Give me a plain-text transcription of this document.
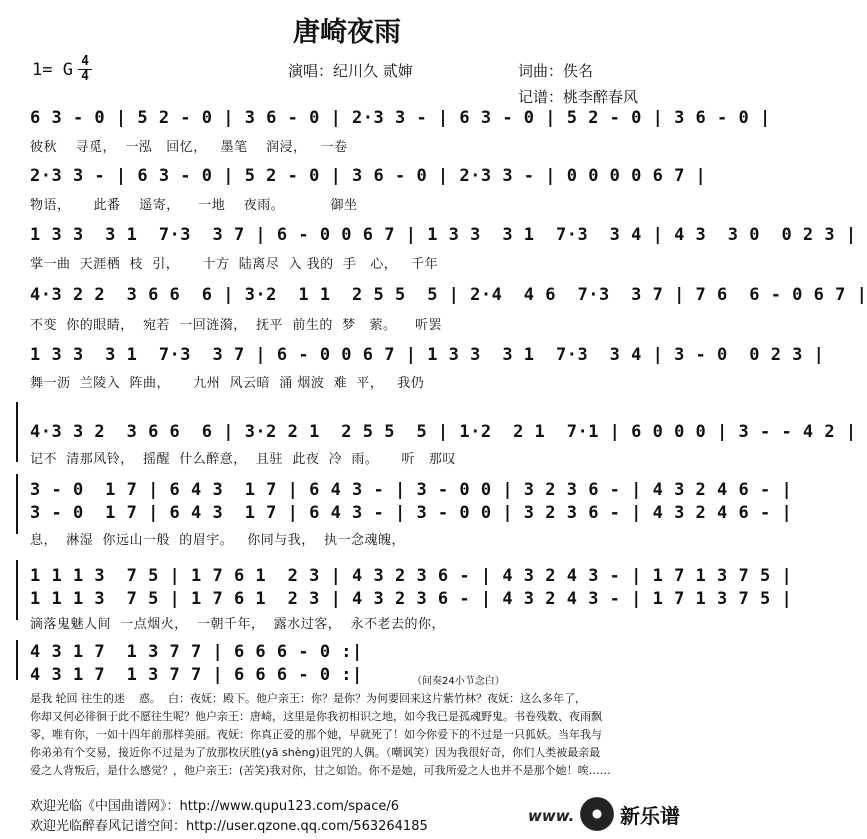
唐崎夜雨
1= G 4
4	演唱：纪川久 贰婶	词曲：佚名
记谱：桃李醉春风
6 3 - 0 | 5 2 - 0 | 3 6 - 0 | 2·3 3 - | 6 3 - 0 | 5 2 - 0 | 3 6 - 0 |
彼秋    寻觅，  一泓   回忆，   墨笔    润浸，   一卷
2·3 3 - | 6 3 - 0 | 5 2 - 0 | 3 6 - 0 | 2·3 3 - | 0 0 0 0 6 7 |
物语，     此番    遥寄，    一地    夜雨。          御坐
1 3 3  3 1  7·3  3 7 | 6 - 0 0 6 7 | 1 3 3  3 1  7·3  3 4 | 4 3  3 0  0 2 3 |
掌一曲  天涯栖  枝  引，     十方  陆离尽  入 我的  手   心，   千年
4·3 2 2  3 6 6  6 | 3·2  1 1  2 5 5  5 | 2·4  4 6  7·3  3 7 | 7 6  6 - 0 6 7 |
不变  你的眼睛，  宛若  一回涟漪，  抚平  前生的  梦   萦。    听罢
1 3 3  3 1  7·3  3 7 | 6 - 0 0 6 7 | 1 3 3  3 1  7·3  3 4 | 3 - 0  0 2 3 |
舞一沥  兰陵入  阵曲，     九州  风云暗  涌 烟波  难  平，   我仍
4·3 3 2  3 6 6  6 | 3·2 2 1  2 5 5  5 | 1·2  2 1  7·1 | 6 0 0 0 | 3 - - 4 2 |
记不  清那风铃，  摇醒  什么醉意，  且驻  此夜  冷  雨。     听   那叹
3 - 0  1 7 | 6 4 3  1 7 | 6 4 3 - | 3 - 0 0 | 3 2 3 6 - | 4 3 2 4 6 - |
3 - 0  1 7 | 6 4 3  1 7 | 6 4 3 - | 3 - 0 0 | 3 2 3 6 - | 4 3 2 4 6 - |
息，  淋湿  你远山一般  的眉宇。   你同与我，  执一念魂魄，
1 1 1 3  7 5 | 1 7 6 1  2 3 | 4 3 2 3 6 - | 4 3 2 4 3 - | 1 7 1 3 7 5 |
1 1 1 3  7 5 | 1 7 6 1  2 3 | 4 3 2 3 6 - | 4 3 2 4 3 - | 1 7 1 3 7 5 |
滴落鬼魅人间  一点烟火，  一朝千年，  露水过客，  永不老去的你，
4 3 1 7  1 3 7 7 | 6 6 6 - 0 :|
4 3 1 7  1 3 7 7 | 6 6 6 - 0 :|	（间奏24小节念白）
是我 轮回 往生的迷    惑。  白：夜妩：殿下。他户亲王：你？是你？为何要回来这片紫竹林？夜妩：这么多年了，
你却又何必徘徊于此不愿往生呢？他户亲王：唐崎，这里是你我初相识之地，如今我已是孤魂野鬼。书卷残数、夜雨飘
零，唯有你，一如十四年前那样美丽。夜妩：你真正爱的那个她，早就死了！如今你爱下的不过是一只狐妖。当年我与
你弟弟有个交易，接近你不过是为了放那枚厌胜(yā shèng)诅咒的人偶。（嘲讽笑）因为我很好奇，你们人类被最亲最
爱之人背叛后，是什么感觉？，他户亲王：(苦笑)我对你，甘之如饴。你不是她，可我所爱之人也并不是那个她！唉……
欢迎光临《中国曲谱网》：http://www.qupu123.com/space/6
欢迎光临醉春风记谱空间：http://user.qzone.qq.com/563264185
www. 新乐谱
